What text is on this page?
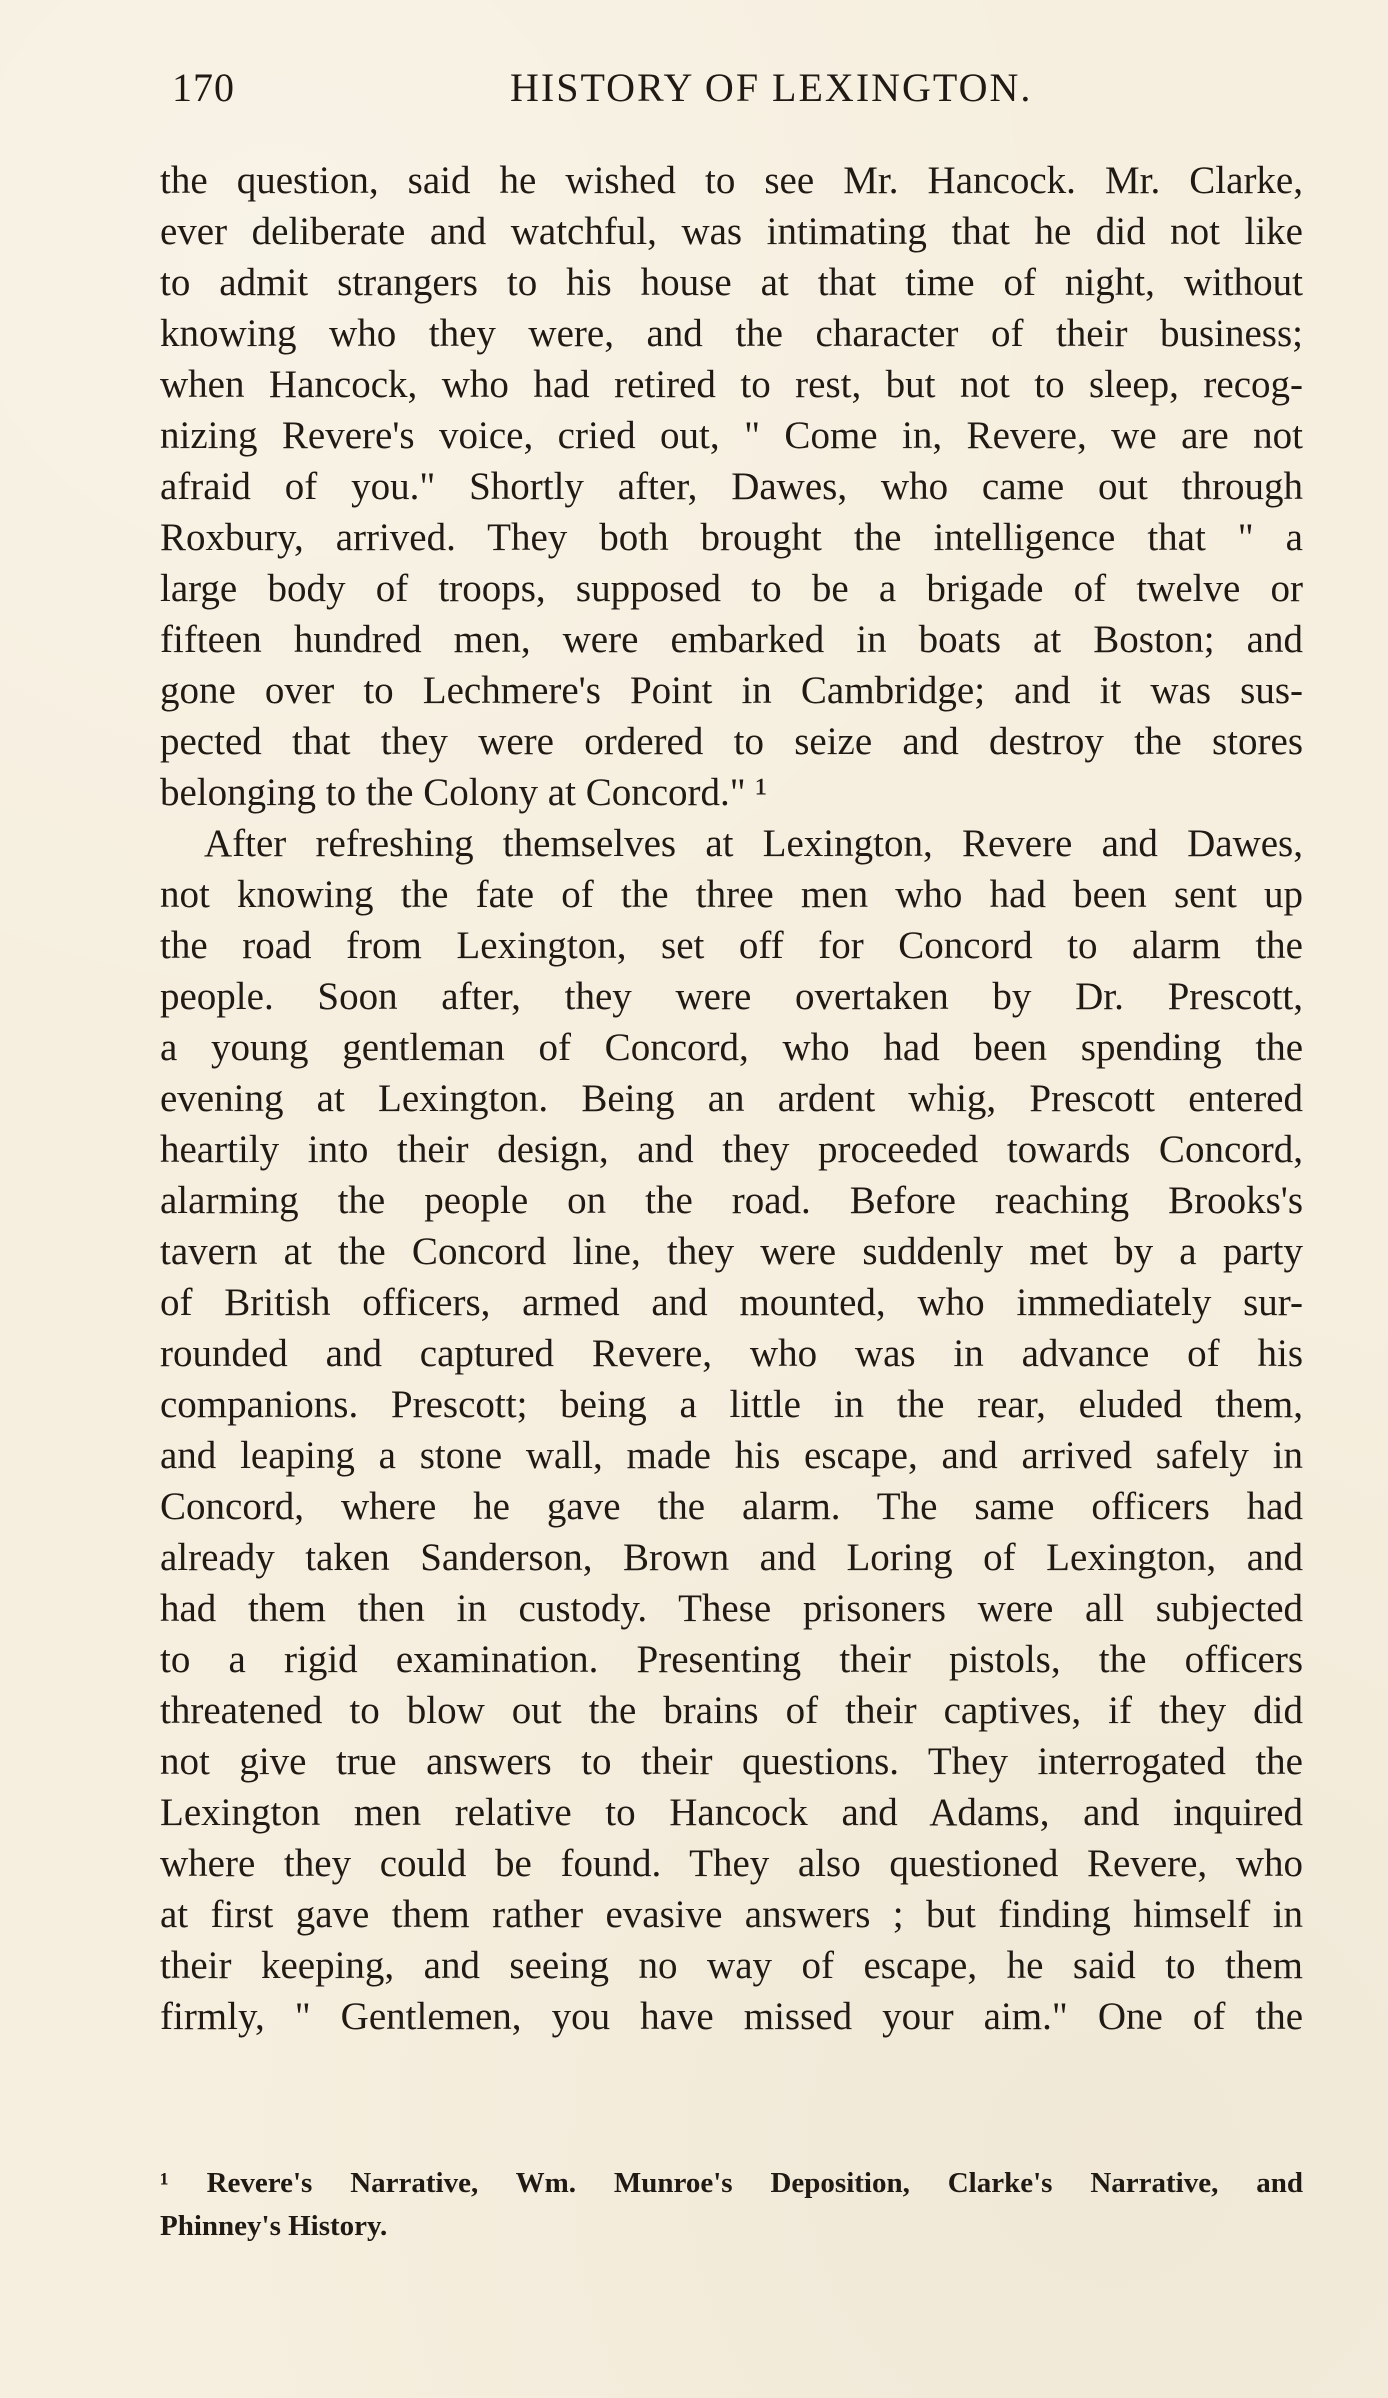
170	HISTORY OF LEXINGTON.
the question, said he wished to see Mr. Hancock. Mr. Clarke,
ever deliberate and watchful, was intimating that he did not like
to admit strangers to his house at that time of night, without
knowing who they were, and the character of their business;
when Hancock, who had retired to rest, but not to sleep, recog-
nizing Revere's voice, cried out, " Come in, Revere, we are not
afraid of you." Shortly after, Dawes, who came out through
Roxbury, arrived. They both brought the intelligence that " a
large body of troops, supposed to be a brigade of twelve or
fifteen hundred men, were embarked in boats at Boston; and
gone over to Lechmere's Point in Cambridge; and it was sus-
pected that they were ordered to seize and destroy the stores
belonging to the Colony at Concord." ¹
After refreshing themselves at Lexington, Revere and Dawes,
not knowing the fate of the three men who had been sent up
the road from Lexington, set off for Concord to alarm the
people. Soon after, they were overtaken by Dr. Prescott,
a young gentleman of Concord, who had been spending the
evening at Lexington. Being an ardent whig, Prescott entered
heartily into their design, and they proceeded towards Concord,
alarming the people on the road. Before reaching Brooks's
tavern at the Concord line, they were suddenly met by a party
of British officers, armed and mounted, who immediately sur-
rounded and captured Revere, who was in advance of his
companions. Prescott; being a little in the rear, eluded them,
and leaping a stone wall, made his escape, and arrived safely in
Concord, where he gave the alarm. The same officers had
already taken Sanderson, Brown and Loring of Lexington, and
had them then in custody. These prisoners were all subjected
to a rigid examination. Presenting their pistols, the officers
threatened to blow out the brains of their captives, if they did
not give true answers to their questions. They interrogated the
Lexington men relative to Hancock and Adams, and inquired
where they could be found. They also questioned Revere, who
at first gave them rather evasive answers ; but finding himself in
their keeping, and seeing no way of escape, he said to them
firmly, " Gentlemen, you have missed your aim." One of the
¹ Revere's Narrative, Wm. Munroe's Deposition, Clarke's Narrative, and
Phinney's History.
